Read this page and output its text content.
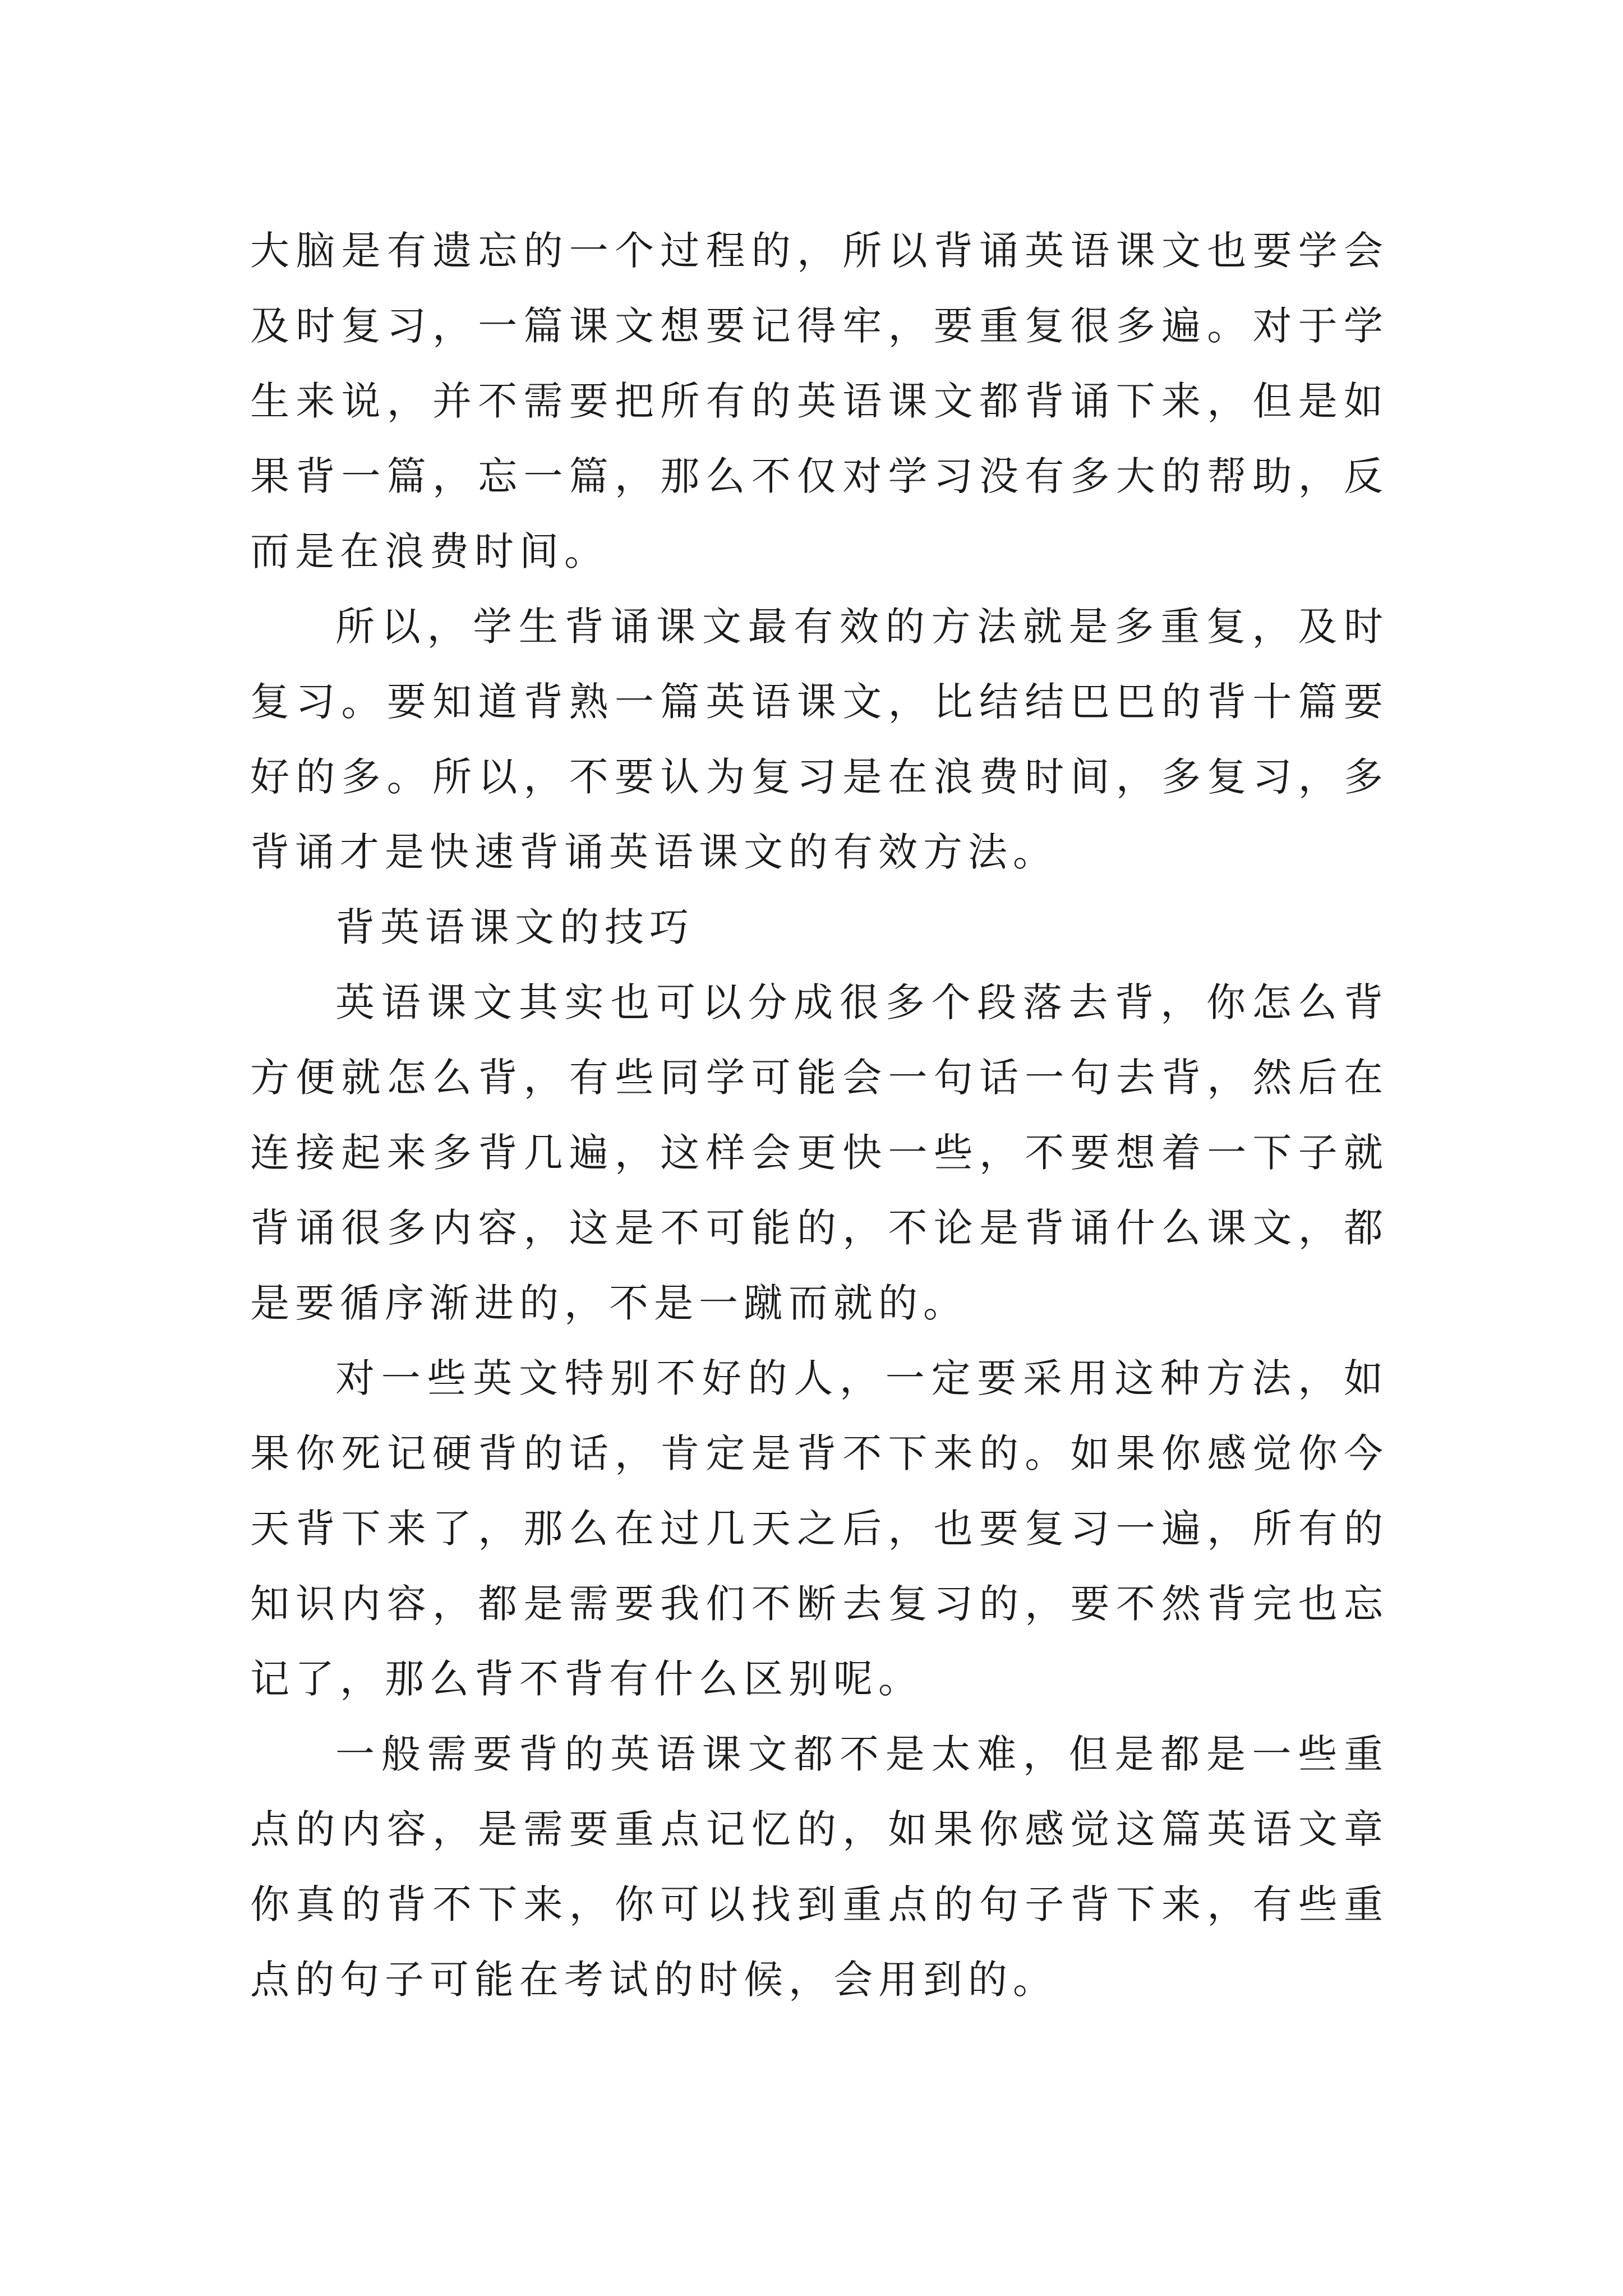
大脑是有遗忘的一个过程的，所以背诵英语课文也要学会及时复习，一篇课文想要记得牢，要重复很多遍。对于学生来说，并不需要把所有的英语课文都背诵下来，但是如果背一篇，忘一篇，那么不仅对学习没有多大的帮助，反而是在浪费时间。

所以，学生背诵课文最有效的方法就是多重复，及时复习。要知道背熟一篇英语课文，比结结巴巴的背十篇要好的多。所以，不要认为复习是在浪费时间，多复习，多背诵才是快速背诵英语课文的有效方法。

背英语课文的技巧

英语课文其实也可以分成很多个段落去背，你怎么背方便就怎么背，有些同学可能会一句话一句去背，然后在连接起来多背几遍，这样会更快一些，不要想着一下子就背诵很多内容，这是不可能的，不论是背诵什么课文，都是要循序渐进的，不是一蹴而就的。

对一些英文特别不好的人，一定要采用这种方法，如果你死记硬背的话，肯定是背不下来的。如果你感觉你今天背下来了，那么在过几天之后，也要复习一遍，所有的知识内容，都是需要我们不断去复习的，要不然背完也忘记了，那么背不背有什么区别呢。

一般需要背的英语课文都不是太难，但是都是一些重点的内容，是需要重点记忆的，如果你感觉这篇英语文章你真的背不下来，你可以找到重点的句子背下来，有些重点的句子可能在考试的时候，会用到的。
